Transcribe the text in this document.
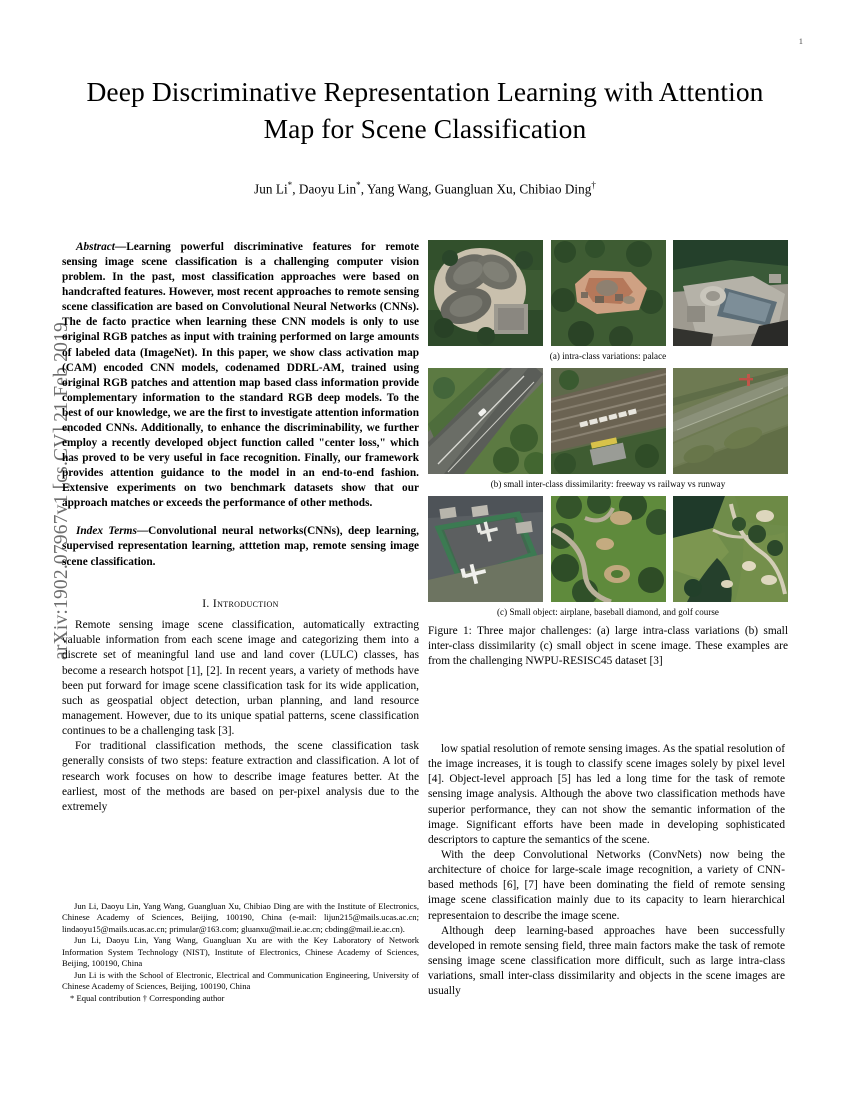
arXiv:1902.07967v1 [cs.CV] 21 Feb 2019
1
Deep Discriminative Representation Learning with Attention Map for Scene Classification
Jun Li*, Daoyu Lin*, Yang Wang, Guangluan Xu, Chibiao Ding†

Abstract—Learning powerful discriminative features for remote sensing image scene classification is a challenging computer vision problem. In the past, most classification approaches were based on handcrafted features. However, most recent approaches to remote sensing scene classification are based on Convolutional Neural Networks (CNNs). The de facto practice when learning these CNN models is only to use original RGB patches as input with training performed on large amounts of labeled data (ImageNet). In this paper, we show class activation map (CAM) encoded CNN models, codenamed DDRL-AM, trained using original RGB patches and attention map based class information provide complementary information to the standard RGB deep models. To the best of our knowledge, we are the first to investigate attention information encoded CNNs. Additionally, to enhance the discriminability, we further employ a recently developed object function called "center loss," which has proved to be very useful in face recognition. Finally, our framework provides attention guidance to the model in an end-to-end fashion. Extensive experiments on two benchmark datasets show that our approach matches or exceeds the performance of other methods.

Index Terms—Convolutional neural networks(CNNs), deep learning, supervised representation learning, atttetion map, remote sensing image scene classification.

I. Introduction

Remote sensing image scene classification, automatically extracting valuable information from each scene image and categorizing them into a discrete set of meaningful land use and land cover (LULC) classes, has become a research hotspot [1], [2]. In recent years, a variety of methods have been put forward for image scene classification task for its wide application, such as geospatial object detection, urban planning, and land resource management. However, due to its unique spatial patterns, scene classification continues to be a challenging task [3].

For traditional classification methods, the scene classification task generally consists of two steps: feature extraction and classification. A lot of research work focuses on how to describe image features better. At the earliest, most of the methods are based on per-pixel analysis due to the extremely

Jun Li, Daoyu Lin, Yang Wang, Guangluan Xu, Chibiao Ding are with the Institute of Electronics, Chinese Academy of Sciences, Beijing, 100190, China (e-mail: lijun215@mails.ucas.ac.cn; lindaoyu15@mails.ucas.ac.cn; primular@163.com; gluanxu@mail.ie.ac.cn; cbding@mail.ie.ac.cn).

Jun Li, Daoyu Lin, Yang Wang, Guangluan Xu are with the Key Laboratory of Network Information System Technology (NIST), Institute of Electronics, Chinese Academy of Sciences, Beijing, 100190, China

Jun Li is with the School of Electronic, Electrical and Communication Engineering, University of Chinese Academy of Sciences, Beijing, 100190, China

* Equal contribution † Corresponding author

(a) intra-class variations: palace
(b) small inter-class dissimilarity: freeway vs railway vs runway
(c) Small object: airplane, baseball diamond, and golf course

Figure 1: Three major challenges: (a) large intra-class variations (b) small inter-class dissimilarity (c) small object in scene image. These examples are from the challenging NWPU-RESISC45 dataset [3]

low spatial resolution of remote sensing images. As the spatial resolution of the image increases, it is tough to classify scene images solely by pixel level [4]. Object-level approach [5] has led a long time for the task of remote sensing image analysis. Although the above two classification methods have superior performance, they can not show the semantic information of the image. Significant efforts have been made in developing sophisticated descriptors to capture the semantics of the scene.

With the deep Convolutional Networks (ConvNets) now being the architecture of choice for large-scale image recognition, a variety of CNN-based methods [6], [7] have been dominating the field of remote sensing image scene classification mainly due to its capacity to learn hierarchical representaion to describe the image scene.

Although deep learning-based approaches have been successfully developed in remote sensing field, three main factors make the task of remote sensing image scene classification more difficult, such as large intra-class variations, small inter-class dissimilarity and objects in the scene images are usually
